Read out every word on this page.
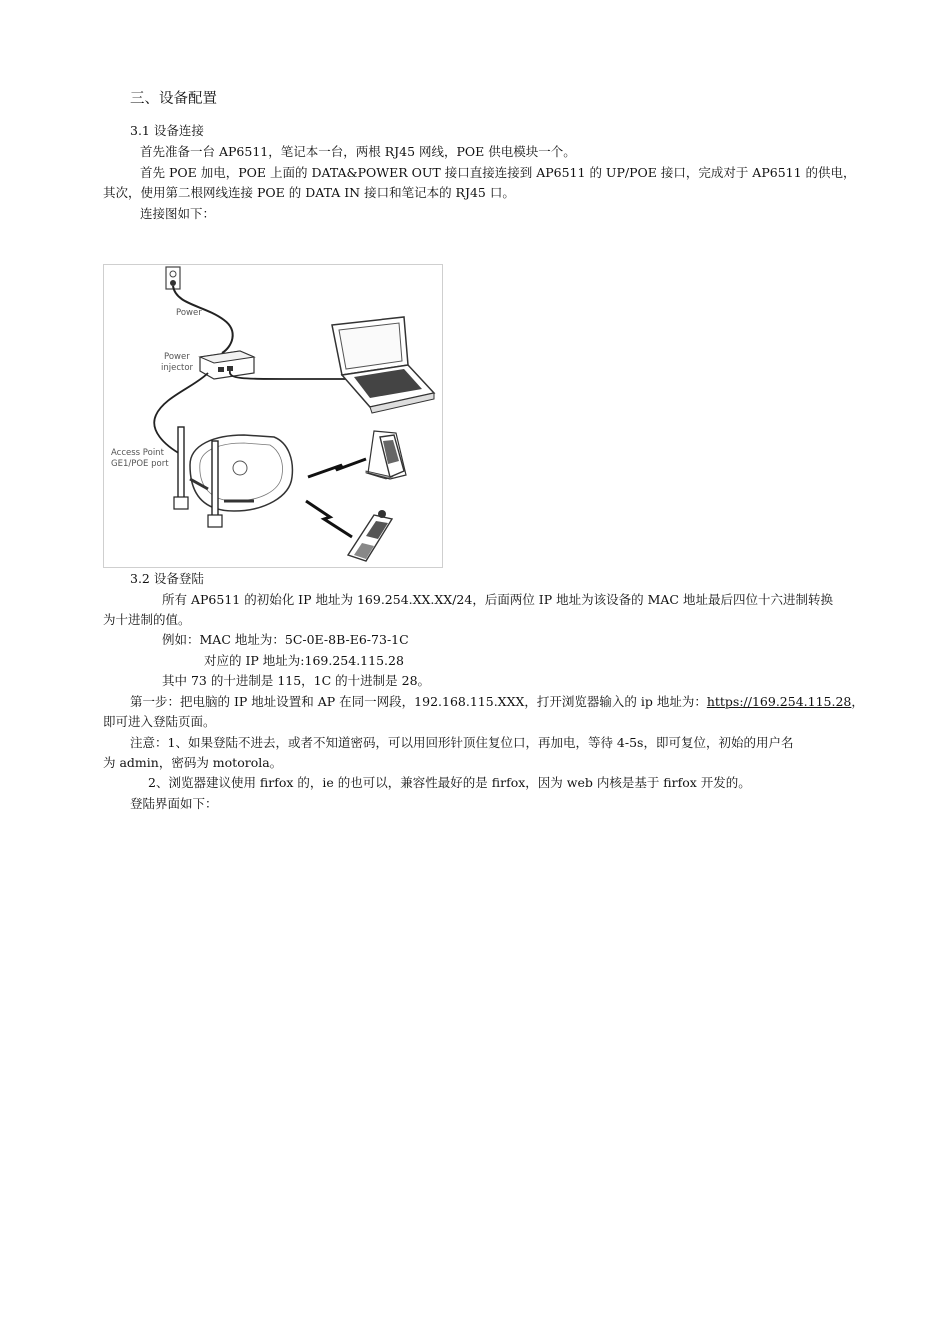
三、设备配置
3.1 设备连接
首先准备一台 AP6511，笔记本一台，两根 RJ45 网线，POE 供电模块一个。
首先 POE 加电，POE 上面的 DATA&POWER OUT 接口直接连接到 AP6511 的 UP/POE 接口，完成对于 AP6511 的供电，
其次，使用第二根网线连接 POE 的 DATA IN 接口和笔记本的 RJ45 口。
连接图如下：
Power
Power
injector
Access Point
GE1/POE port
3.2 设备登陆
所有 AP6511 的初始化 IP 地址为 169.254.XX.XX/24，后面两位 IP 地址为该设备的 MAC 地址最后四位十六进制转换
为十进制的值。
例如：MAC 地址为：5C-0E-8B-E6-73-1C
对应的 IP 地址为:169.254.115.28
其中 73 的十进制是 115，1C 的十进制是 28。
第一步：把电脑的 IP 地址设置和 AP 在同一网段，192.168.115.XXX，打开浏览器输入的 ip 地址为：https://169.254.115.28，
即可进入登陆页面。
注意：1、如果登陆不进去，或者不知道密码，可以用回形针顶住复位口，再加电，等待 4-5s，即可复位，初始的用户名
为 admin，密码为 motorola。
2、浏览器建议使用 firfox 的，ie 的也可以，兼容性最好的是 firfox，因为 web 内核是基于 firfox 开发的。
登陆界面如下：
